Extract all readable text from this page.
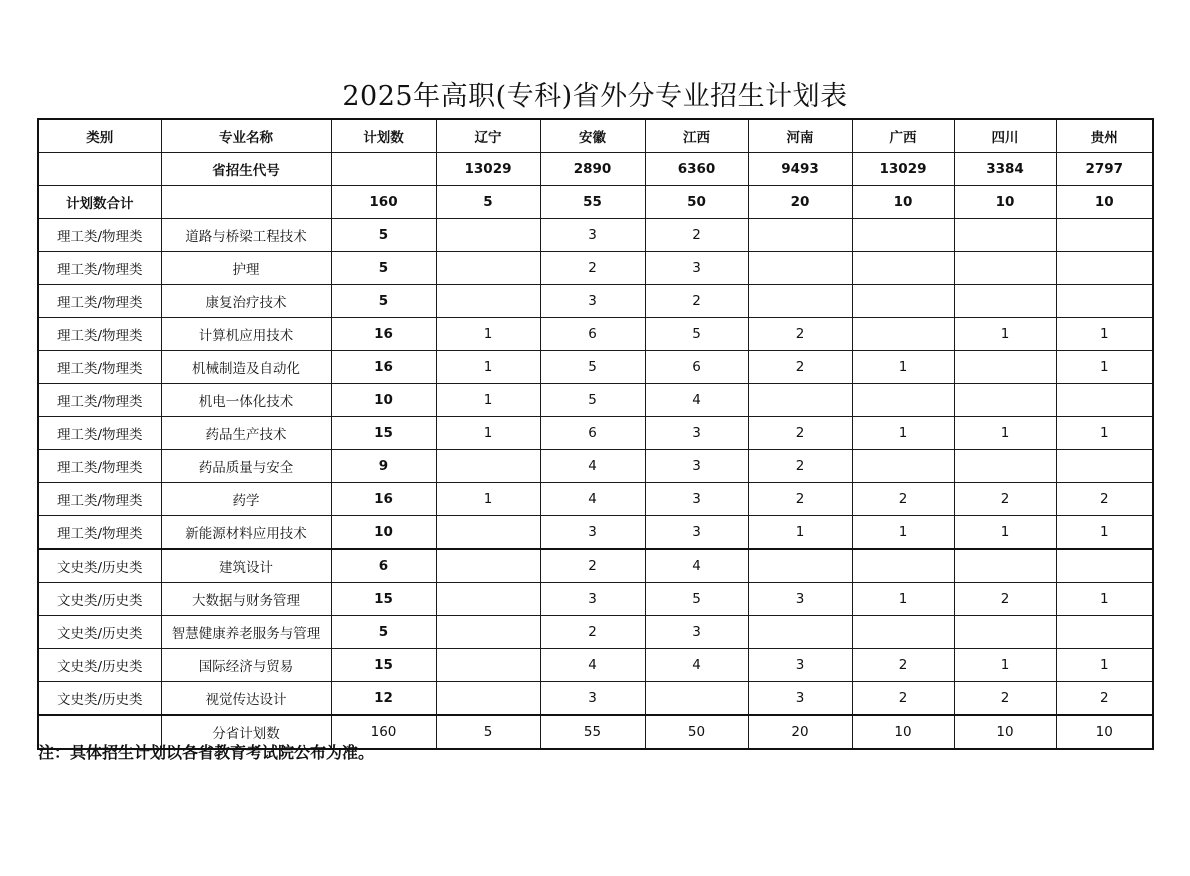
2025年高职(专科)省外分专业招生计划表
类别	专业名称	计划数	辽宁	安徽	江西	河南	广西	四川	贵州
	省招生代号		13029	2890	6360	9493	13029	3384	2797
计划数合计		160	5	55	50	20	10	10	10
理工类/物理类	道路与桥梁工程技术	5		3	2				
理工类/物理类	护理	5		2	3				
理工类/物理类	康复治疗技术	5		3	2				
理工类/物理类	计算机应用技术	16	1	6	5	2		1	1
理工类/物理类	机械制造及自动化	16	1	5	6	2	1		1
理工类/物理类	机电一体化技术	10	1	5	4				
理工类/物理类	药品生产技术	15	1	6	3	2	1	1	1
理工类/物理类	药品质量与安全	9		4	3	2			
理工类/物理类	药学	16	1	4	3	2	2	2	2
理工类/物理类	新能源材料应用技术	10		3	3	1	1	1	1
文史类/历史类	建筑设计	6		2	4				
文史类/历史类	大数据与财务管理	15		3	5	3	1	2	1
文史类/历史类	智慧健康养老服务与管理	5		2	3				
文史类/历史类	国际经济与贸易	15		4	4	3	2	1	1
文史类/历史类	视觉传达设计	12		3		3	2	2	2
	分省计划数	160	5	55	50	20	10	10	10
注：具体招生计划以各省教育考试院公布为准。
